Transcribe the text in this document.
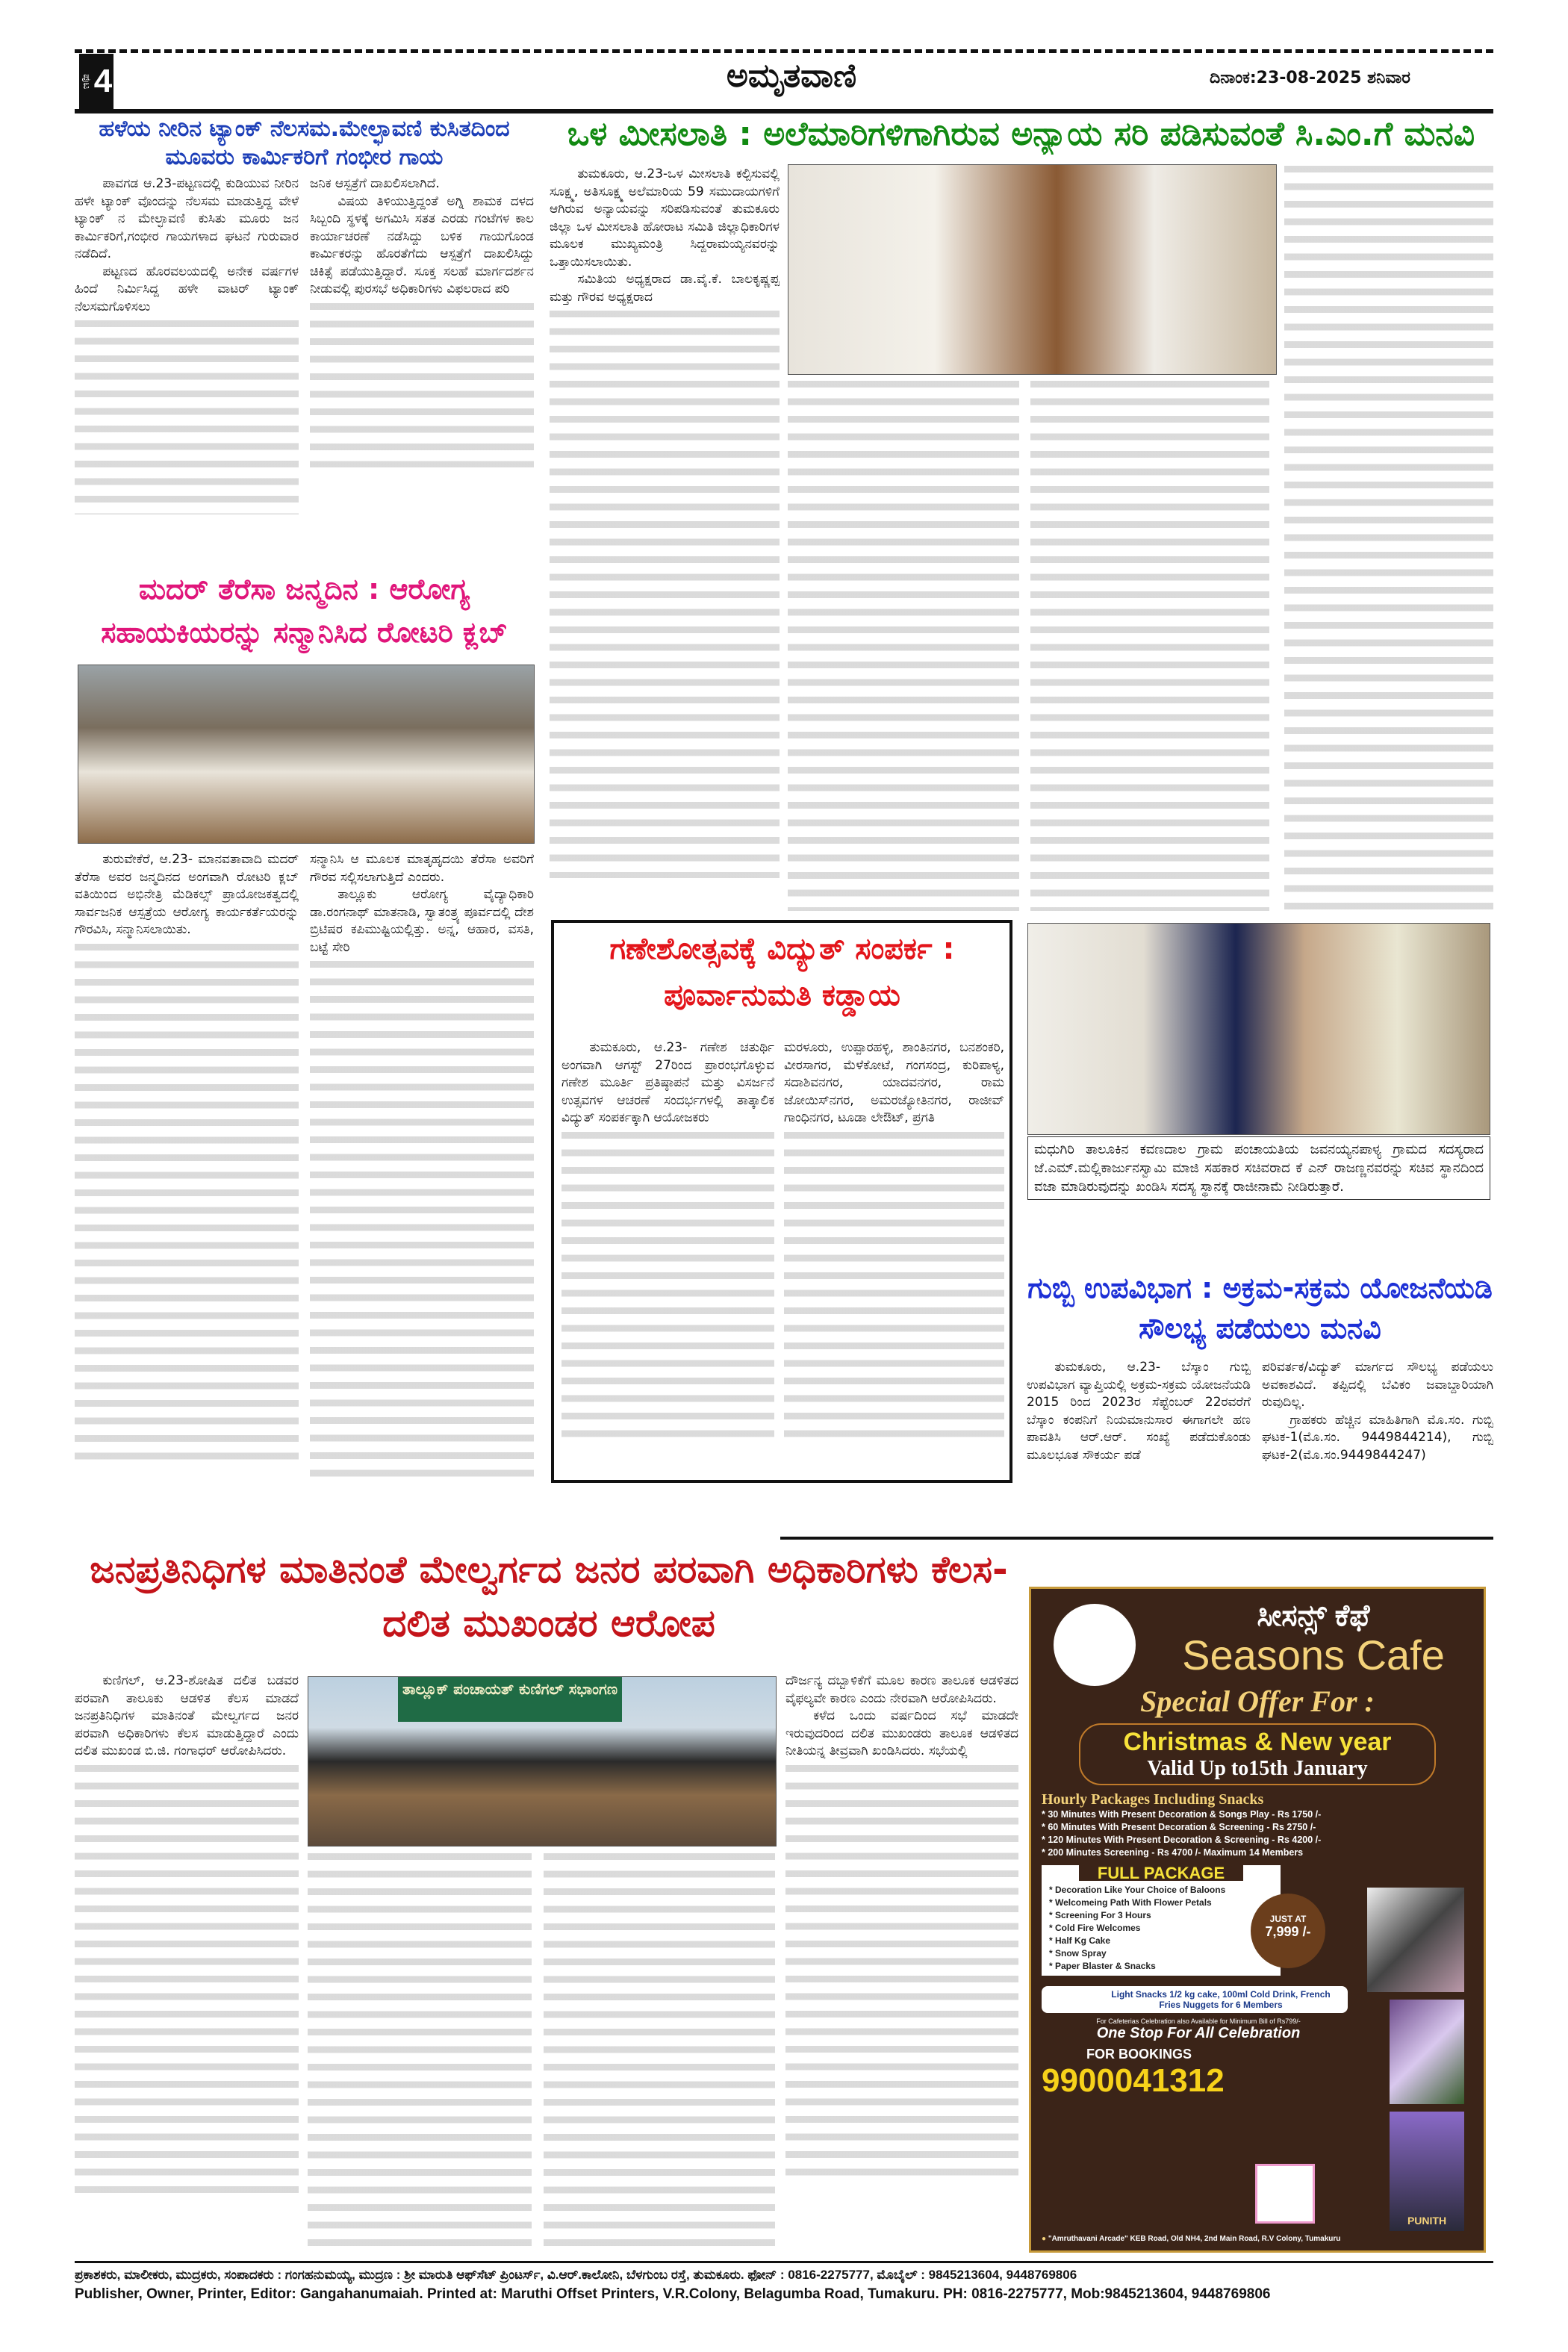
ಪುಟ 4	ಅಮೃತವಾಣಿ	ದಿನಾಂಕ:23-08-2025 ಶನಿವಾರ
ಹಳೆಯ ನೀರಿನ ಟ್ಯಾಂಕ್ ನೆಲಸಮ.ಮೇಲ್ಛಾವಣಿ ಕುಸಿತದಿಂದ ಮೂವರು ಕಾರ್ಮಿಕರಿಗೆ ಗಂಭೀರ ಗಾಯ

ಪಾವಗಡ ಆ.23-ಪಟ್ಟಣದಲ್ಲಿ ಕುಡಿಯುವ ನೀರಿನ ಹಳೇ ಟ್ಯಾಂಕ್ ವೊಂದನ್ನು ನೆಲಸಮ ಮಾಡುತ್ತಿದ್ದ ವೇಳೆ ಟ್ಯಾಂಕ್ ನ ಮೇಲ್ಛಾವಣಿ ಕುಸಿತು ಮೂರು ಜನ ಕಾರ್ಮಿಕರಿಗೆ,ಗಂಭೀರ ಗಾಯಗಳಾದ ಘಟನೆ ಗುರುವಾರ ನಡೆದಿದೆ.

ಪಟ್ಟಣದ ಹೊರವಲಯದಲ್ಲಿ ಅನೇಕ ವರ್ಷಗಳ ಹಿಂದೆ ನಿರ್ಮಿಸಿದ್ದ ಹಳೇ ವಾಟರ್ ಟ್ಯಾಂಕ್ ನೆಲಸಮಗೊಳಿಸಲು

ಜನಿಕ ಆಸ್ಪತ್ರೆಗೆ ದಾಖಲಿಸಲಾಗಿದೆ.

ವಿಷಯ ತಿಳಿಯುತ್ತಿದ್ದಂತೆ ಅಗ್ನಿ ಶಾಮಕ ದಳದ ಸಿಬ್ಬಂದಿ ಸ್ಥಳಕ್ಕೆ ಅಗಮಿಸಿ ಸತತ ಎರಡು ಗಂಟೆಗಳ ಕಾಲ ಕಾರ್ಯಾಚರಣೆ ನಡೆಸಿದ್ದು ಬಳಿಕ ಗಾಯಗೊಂಡ ಕಾರ್ಮಿಕರನ್ನು ಹೊರತೆಗೆದು ಆಸ್ಪತ್ರೆಗೆ ದಾಖಲಿಸಿದ್ದು ಚಿಕಿತ್ಸೆ ಪಡೆಯುತ್ತಿದ್ದಾರೆ. ಸೂಕ್ತ ಸಲಹೆ ಮಾರ್ಗದರ್ಶನ ನೀಡುವಲ್ಲಿ ಪುರಸಭೆ ಅಧಿಕಾರಿಗಳು ವಿಫಲರಾದ ಪರಿ

ಮದರ್ ತೆರೆಸಾ ಜನ್ಮದಿನ : ಆರೋಗ್ಯ ಸಹಾಯಕಿಯರನ್ನು ಸನ್ಮಾನಿಸಿದ ರೋಟರಿ ಕ್ಲಬ್

ತುರುವೇಕೆರೆ, ಆ.23- ಮಾನವತಾವಾದಿ ಮದರ್ ತೆರೆಸಾ ಅವರ ಜನ್ಮದಿನದ ಅಂಗವಾಗಿ ರೋಟರಿ ಕ್ಲಬ್ ವತಿಯಿಂದ ಅಭಿನೇತ್ರಿ ಮೆಡಿಕಲ್ಸ್ ಪ್ರಾಯೋಜಕತ್ವದಲ್ಲಿ ಸಾರ್ವಜನಿಕ ಆಸ್ಪತ್ರೆಯ ಆರೋಗ್ಯ ಕಾರ್ಯಕರ್ತೆಯರನ್ನು ಗೌರವಿಸಿ, ಸನ್ಮಾನಿಸಲಾಯಿತು.

ಸನ್ಮಾನಿಸಿ ಆ ಮೂಲಕ ಮಾತೃಹೃದಯಿ ತೆರೆಸಾ ಅವರಿಗೆ ಗೌರವ ಸಲ್ಲಿಸಲಾಗುತ್ತಿದೆ ಎಂದರು.

ತಾಲ್ಲೂಕು ಆರೋಗ್ಯ ವೈದ್ಯಾಧಿಕಾರಿ ಡಾ.ರಂಗನಾಥ್ ಮಾತನಾಡಿ, ಸ್ವಾತಂತ್ರ್ಯ ಪೂರ್ವದಲ್ಲಿ ದೇಶ ಬ್ರಿಟಿಷರ ಕಪಿಮುಷ್ಟಿಯಲ್ಲಿತ್ತು. ಅನ್ನ, ಆಹಾರ, ವಸತಿ, ಬಟ್ಟೆ ಸೇರಿ

ಒಳ ಮೀಸಲಾತಿ : ಅಲೆಮಾರಿಗಳಿಗಾಗಿರುವ ಅನ್ಯಾಯ ಸರಿ ಪಡಿಸುವಂತೆ ಸಿ.ಎಂ.ಗೆ ಮನವಿ

ತುಮಕೂರು, ಆ.23-ಒಳ ಮೀಸಲಾತಿ ಕಲ್ಪಿಸುವಲ್ಲಿ ಸೂಕ್ಷ್ಮ, ಅತಿಸೂಕ್ಷ್ಮ ಅಲೆಮಾರಿಯ 59 ಸಮುದಾಯಗಳಿಗೆ ಆಗಿರುವ ಅನ್ಯಾಯವನ್ನು ಸರಿಪಡಿಸುವಂತೆ ತುಮಕೂರು ಜಿಲ್ಲಾ ಒಳ ಮೀಸಲಾತಿ ಹೋರಾಟ ಸಮಿತಿ ಜಿಲ್ಲಾಧಿಕಾರಿಗಳ ಮೂಲಕ ಮುಖ್ಯಮಂತ್ರಿ ಸಿದ್ದರಾಮಯ್ಯನವರನ್ನು ಒತ್ತಾಯಿಸಲಾಯಿತು.

ಸಮಿತಿಯ ಅಧ್ಯಕ್ಷರಾದ ಡಾ.ವೈ.ಕೆ. ಬಾಲಕೃಷ್ಣಪ್ಪ ಮತ್ತು ಗೌರವ ಅಧ್ಯಕ್ಷರಾದ

ಗಣೇಶೋತ್ಸವಕ್ಕೆ ವಿದ್ಯುತ್ ಸಂಪರ್ಕ : ಪೂರ್ವಾನುಮತಿ ಕಡ್ಡಾಯ

ತುಮಕೂರು, ಆ.23- ಗಣೇಶ ಚತುರ್ಥಿ ಅಂಗವಾಗಿ ಆಗಸ್ಟ್ 27ರಿಂದ ಪ್ರಾರಂಭಗೊಳ್ಳುವ ಗಣೇಶ ಮೂರ್ತಿ ಪ್ರತಿಷ್ಠಾಪನೆ ಮತ್ತು ವಿಸರ್ಜನೆ ಉತ್ಸವಗಳ ಆಚರಣೆ ಸಂದರ್ಭಗಳಲ್ಲಿ ತಾತ್ಕಾಲಿಕ ವಿದ್ಯುತ್ ಸಂಪರ್ಕಕ್ಕಾಗಿ ಆಯೋಜಕರು

ಮರಳೂರು, ಉಪ್ಪಾರಹಳ್ಳಿ, ಶಾಂತಿನಗರ, ಬನಶಂಕರಿ, ವೀರಸಾಗರ, ಮೆಳೆಕೋಟೆ, ಗಂಗಸಂದ್ರ, ಕುರಿಪಾಳ್ಯ, ಸದಾಶಿವನಗರ, ಯಾದವನಗರ, ರಾಮ ಜೋಯಿಸ್‌ನಗರ, ಅಮರಜ್ಯೋತಿನಗರ, ರಾಜೀವ್ ಗಾಂಧಿನಗರ, ಟೂಡಾ ಲೇಔಟ್, ಪ್ರಗತಿ

ಮಧುಗಿರಿ ತಾಲೂಕಿನ ಕವಣದಾಲ ಗ್ರಾಮ ಪಂಚಾಯತಿಯ ಜವನಯ್ಯನಪಾಳ್ಯ ಗ್ರಾಮದ ಸದಸ್ಯರಾದ ಜೆ.ಎಮ್.ಮಲ್ಲಿಕಾರ್ಜುನಸ್ವಾಮಿ ಮಾಜಿ ಸಹಕಾರ ಸಚಿವರಾದ ಕೆ ಎನ್ ರಾಜಣ್ಣನವರನ್ನು ಸಚಿವ ಸ್ಥಾನದಿಂದ ವಜಾ ಮಾಡಿರುವುದನ್ನು ಖಂಡಿಸಿ ಸದಸ್ಯ ಸ್ಥಾನಕ್ಕೆ ರಾಜೀನಾಮೆ ನೀಡಿರುತ್ತಾರೆ.
ಗುಬ್ಬಿ ಉಪವಿಭಾಗ : ಅಕ್ರಮ-ಸಕ್ರಮ ಯೋಜನೆಯಡಿ ಸೌಲಭ್ಯ ಪಡೆಯಲು ಮನವಿ

ತುಮಕೂರು, ಆ.23- ಬೆಸ್ಕಾಂ ಗುಬ್ಬಿ ಉಪವಿಭಾಗ ವ್ಯಾಪ್ತಿಯಲ್ಲಿ ಅಕ್ರಮ-ಸಕ್ರಮ ಯೋಜನೆಯಡಿ 2015 ರಿಂದ 2023ರ ಸೆಪ್ಟೆಂಬರ್ 22ರವರೆಗೆ ಬೆಸ್ಕಾಂ ಕಂಪನಿಗೆ ನಿಯಮಾನುಸಾರ ಈಗಾಗಲೇ ಹಣ ಪಾವತಿಸಿ ಆರ್.ಆರ್. ಸಂಖ್ಯೆ ಪಡೆದುಕೊಂಡು ಮೂಲಭೂತ ಸೌಕರ್ಯ ಪಡೆ

ಪರಿವರ್ತಕ/ವಿದ್ಯುತ್ ಮಾರ್ಗದ ಸೌಲಭ್ಯ ಪಡೆಯಲು ಅವಕಾಶವಿದೆ. ತಪ್ಪಿದಲ್ಲಿ ಬೆವಿಕಂ ಜವಾಬ್ದಾರಿಯಾಗಿ ರುವುದಿಲ್ಲ.

ಗ್ರಾಹಕರು ಹೆಚ್ಚಿನ ಮಾಹಿತಿಗಾಗಿ ಮೊ.ಸಂ. ಗುಬ್ಬಿ ಘಟಕ-1(ಮೊ.ಸಂ. 9449844214), ಗುಬ್ಬಿ ಘಟಕ-2(ಮೊ.ಸಂ.9449844247)

ಜನಪ್ರತಿನಿಧಿಗಳ ಮಾತಿನಂತೆ ಮೇಲ್ವರ್ಗದ ಜನರ ಪರವಾಗಿ ಅಧಿಕಾರಿಗಳು ಕೆಲಸ-ದಲಿತ ಮುಖಂಡರ ಆರೋಪ

ಕುಣಿಗಲ್, ಆ.23-ಶೋಷಿತ ದಲಿತ ಬಡವರ ಪರವಾಗಿ ತಾಲೂಕು ಆಡಳಿತ ಕೆಲಸ ಮಾಡದೆ ಜನಪ್ರತಿನಿಧಿಗಳ ಮಾತಿನಂತೆ ಮೇಲ್ವರ್ಗದ ಜನರ ಪರವಾಗಿ ಅಧಿಕಾರಿಗಳು ಕೆಲಸ ಮಾಡುತ್ತಿದ್ದಾರೆ ಎಂದು ದಲಿತ ಮುಖಂಡ ಬಿ.ಜಿ. ಗಂಗಾಧರ್ ಆರೋಪಿಸಿದರು.

ತಾಲ್ಲೂಕ್ ಪಂಚಾಯತ್ ಕುಣಿಗಲ್ ಸಭಾಂಗಣ	ದೌರ್ಜನ್ಯ ದಬ್ಬಾಳಿಕೆಗೆ ಮೂಲ ಕಾರಣ ತಾಲೂಕ ಆಡಳಿತದ ವೈಫಲ್ಯವೇ ಕಾರಣ ಎಂದು ನೇರವಾಗಿ ಆರೋಪಿಸಿದರು.

ಕಳೆದ ಒಂದು ವರ್ಷದಿಂದ ಸಭೆ ಮಾಡದೇ ಇರುವುದರಿಂದ ದಲಿತ ಮುಖಂಡರು ತಾಲೂಕ ಆಡಳಿತದ ನೀತಿಯನ್ನ ತೀವ್ರವಾಗಿ ಖಂಡಿಸಿದರು. ಸಭೆಯಲ್ಲಿ

ಸೀಸನ್ಸ್ ಕೆಫೆ
Seasons Cafe
Special Offer For :
Christmas & New year
Valid Up to15th January
Hourly Packages Including Snacks
* 30 Minutes With Present Decoration & Songs Play - Rs 1750 /-
* 60 Minutes With Present Decoration & Screening - Rs 2750 /-
* 120 Minutes With Present Decoration & Screening - Rs 4200 /-
* 200 Minutes Screening - Rs 4700 /- Maximum 14 Members
PUNITH
FULL PACKAGE
* Decoration Like Your Choice of Baloons
* Welcomeing Path With Flower Petals
* Screening For 3 Hours
* Cold Fire Welcomes
* Half Kg Cake
* Snow Spray
* Paper Blaster & Snacks
JUST AT
7,999 /-
Light Snacks 1/2 kg cake, 100ml Cold Drink, French Fries Nuggets for 6 Members
For Cafeterias Celebration also Available for Minimum Bill of Rs799/-
One Stop For All Celebration
FOR BOOKINGS
9900041312
● "Amruthavani Arcade" KEB Road, Old NH4, 2nd Main Road, R.V Colony, Tumakuru
ಪ್ರಕಾಶಕರು, ಮಾಲೀಕರು, ಮುದ್ರಕರು, ಸಂಪಾದಕರು : ಗಂಗಹನುಮಯ್ಯ, ಮುದ್ರಣ : ಶ್ರೀ ಮಾರುತಿ ಆಫ್‌ಸೆಟ್ ಪ್ರಿಂಟರ್ಸ್, ವಿ.ಆರ್.ಕಾಲೋನಿ, ಬೆಳಗುಂಬ ರಸ್ತೆ, ತುಮಕೂರು. ಫೋನ್ : 0816-2275777, ಮೊಬೈಲ್ : 9845213604, 9448769806
Publisher, Owner, Printer, Editor: Gangahanumaiah. Printed at: Maruthi Offset Printers, V.R.Colony, Belagumba Road, Tumakuru. PH: 0816-2275777, Mob:9845213604, 9448769806
